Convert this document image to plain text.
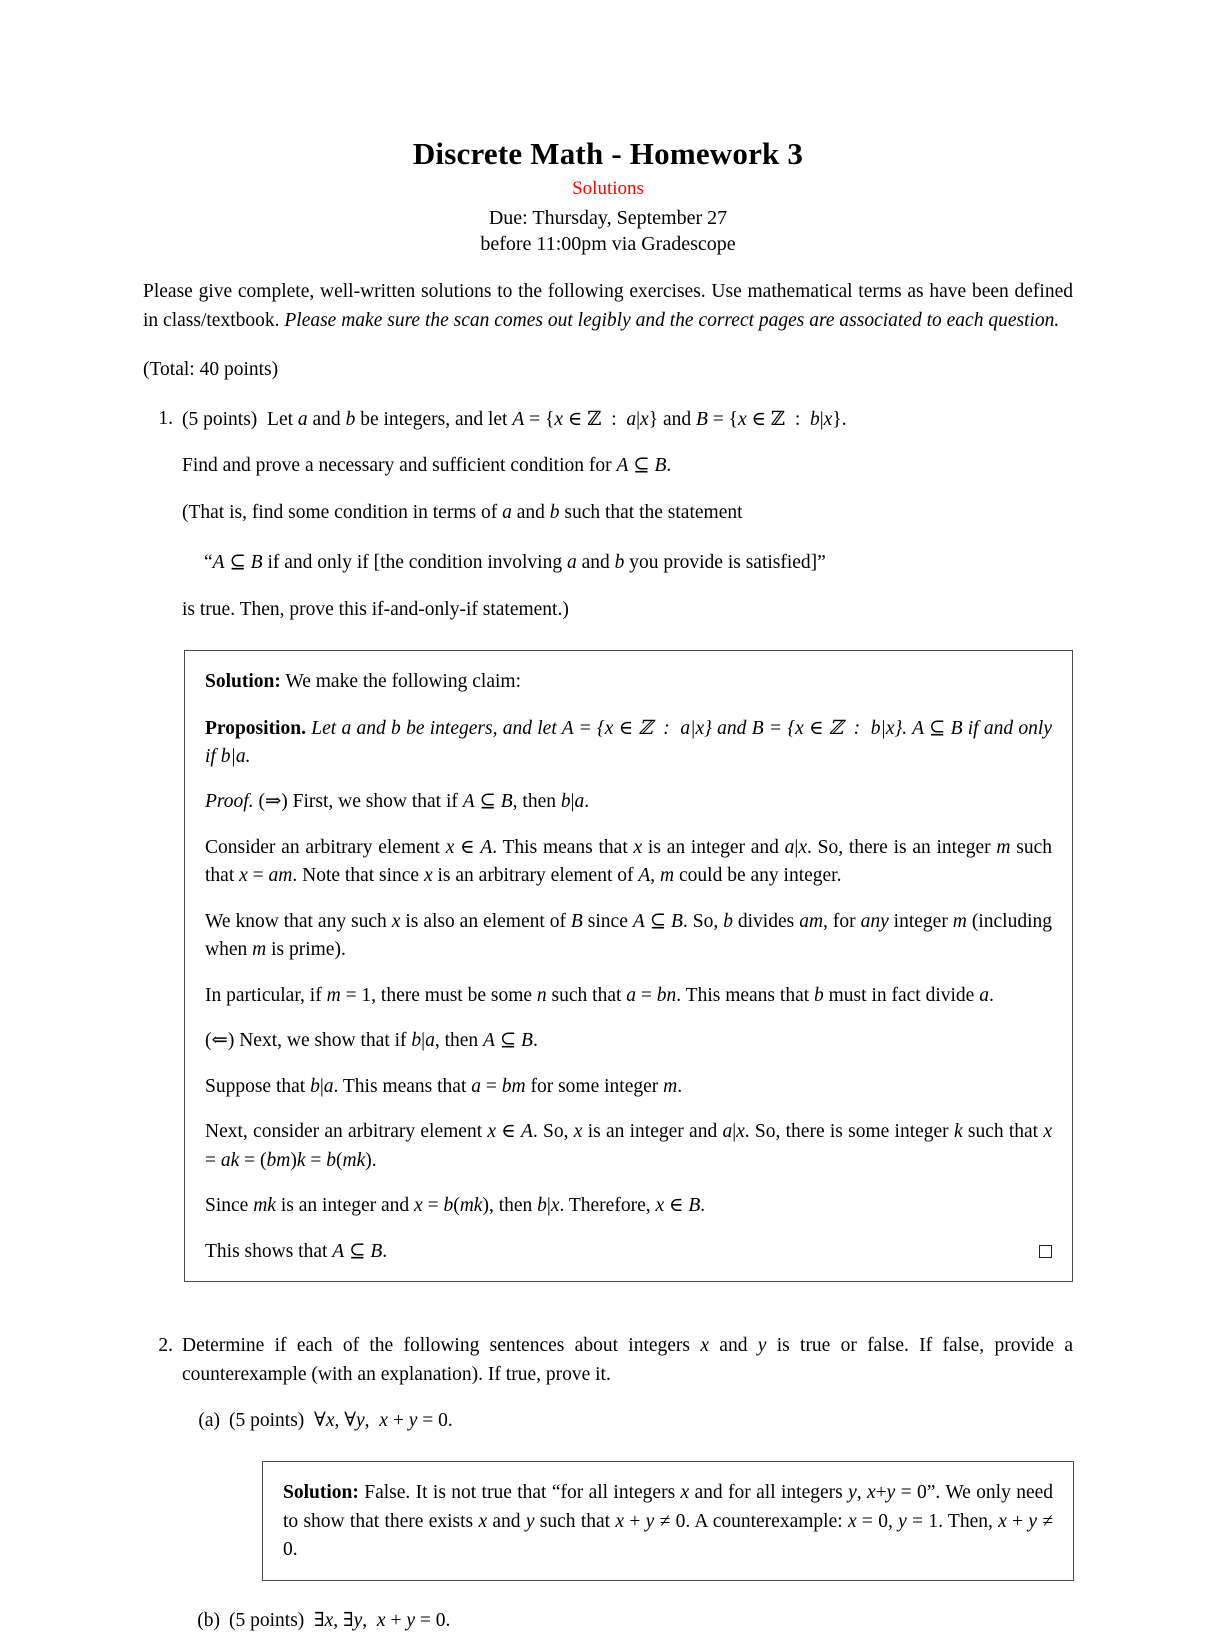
Discrete Math - Homework 3
Solutions
Due: Thursday, September 27
before 11:00pm via Gradescope
Please give complete, well-written solutions to the following exercises. Use mathematical terms as have been defined in class/textbook. Please make sure the scan comes out legibly and the correct pages are associated to each question.
(Total: 40 points)
1. (5 points)  Let a and b be integers, and let A = {x ∈ ℤ  :  a|x} and B = {x ∈ ℤ  :  b|x}.
Find and prove a necessary and sufficient condition for A ⊆ B.
(That is, find some condition in terms of a and b such that the statement
“A ⊆ B if and only if [the condition involving a and b you provide is satisfied]”
is true. Then, prove this if-and-only-if statement.)
Solution: We make the following claim:
Proposition. Let a and b be integers, and let A = {x ∈ ℤ  :  a|x} and B = {x ∈ ℤ  :  b|x}. A ⊆ B if and only if b|a.
Proof. (⇒) First, we show that if A ⊆ B, then b|a.
Consider an arbitrary element x ∈ A. This means that x is an integer and a|x. So, there is an integer m such that x = am. Note that since x is an arbitrary element of A, m could be any integer.
We know that any such x is also an element of B since A ⊆ B. So, b divides am, for any integer m (including when m is prime).
In particular, if m = 1, there must be some n such that a = bn. This means that b must in fact divide a.
(⇐) Next, we show that if b|a, then A ⊆ B.
Suppose that b|a. This means that a = bm for some integer m.
Next, consider an arbitrary element x ∈ A. So, x is an integer and a|x. So, there is some integer k such that x = ak = (bm)k = b(mk).
Since mk is an integer and x = b(mk), then b|x. Therefore, x ∈ B.
This shows that A ⊆ B.
2. Determine if each of the following sentences about integers x and y is true or false. If false, provide a counterexample (with an explanation). If true, prove it.
(a) (5 points)  ∀x, ∀y,  x + y = 0.
Solution: False. It is not true that “for all integers x and for all integers y, x+y = 0”. We only need to show that there exists x and y such that x + y ≠ 0. A counterexample: x = 0, y = 1. Then, x + y ≠ 0.
(b) (5 points)  ∃x, ∃y,  x + y = 0.
